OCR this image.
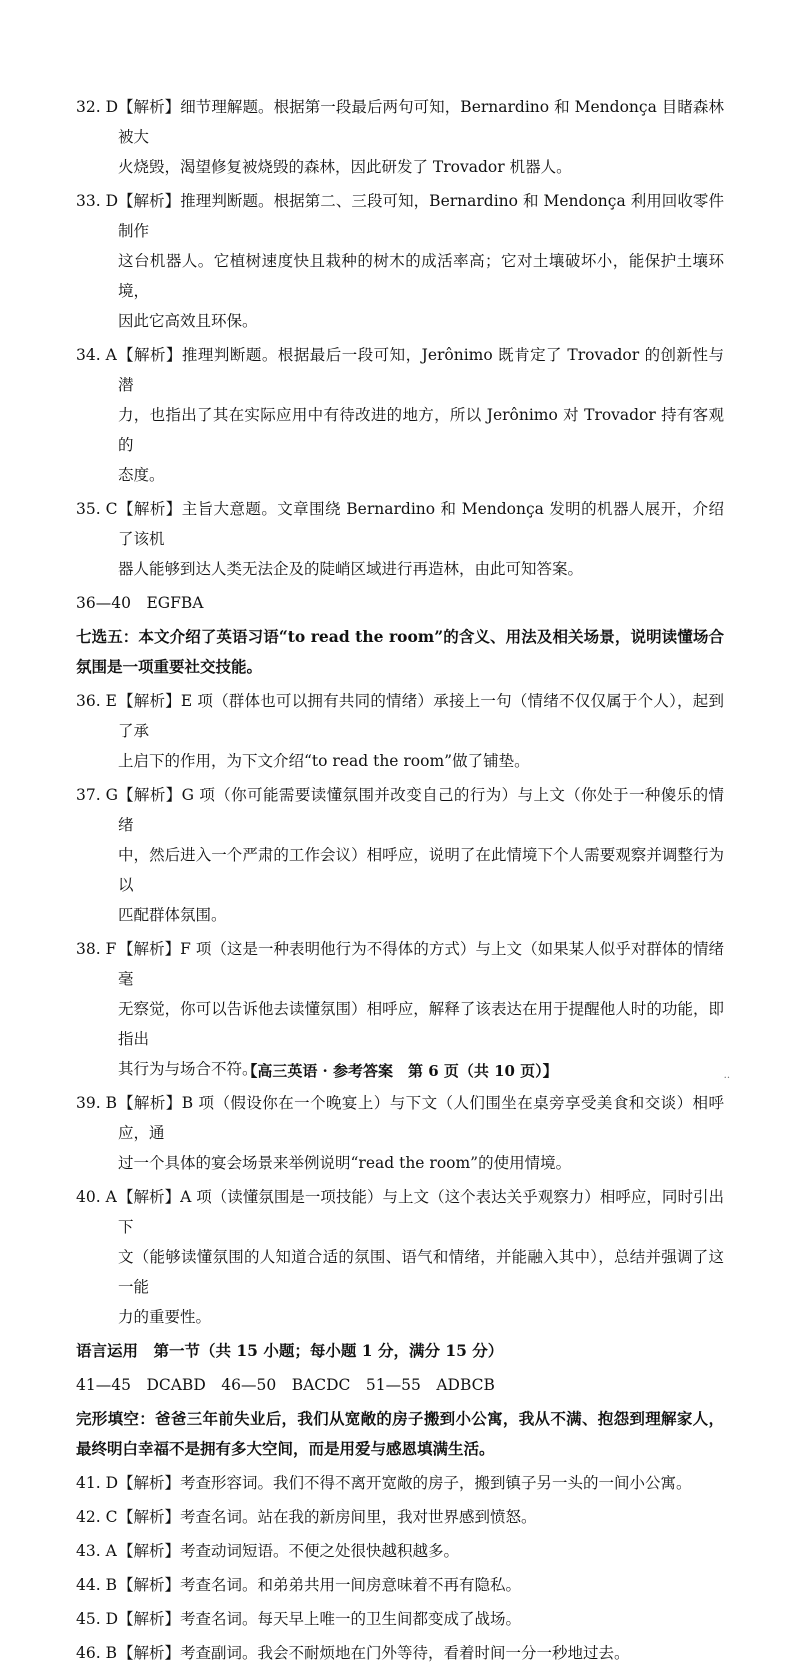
32. D 【解析】细节理解题。根据第一段最后两句可知，Bernardino 和 Mendonça 目睹森林被大
火烧毁，渴望修复被烧毁的森林，因此研发了 Trovador 机器人。
33. D 【解析】推理判断题。根据第二、三段可知，Bernardino 和 Mendonça 利用回收零件制作
这台机器人。它植树速度快且栽种的树木的成活率高；它对土壤破坏小，能保护土壤环境，
因此它高效且环保。
34. A 【解析】推理判断题。根据最后一段可知，Jerônimo 既肯定了 Trovador 的创新性与潜
力，也指出了其在实际应用中有待改进的地方，所以 Jerônimo 对 Trovador 持有客观的
态度。
35. C 【解析】主旨大意题。文章围绕 Bernardino 和 Mendonça 发明的机器人展开，介绍了该机
器人能够到达人类无法企及的陡峭区域进行再造林，由此可知答案。
36—40　EGFBA
七选五：本文介绍了英语习语“to read the room”的含义、用法及相关场景，说明读懂场合氛围是一项重要社交技能。
36. E 【解析】E 项（群体也可以拥有共同的情绪）承接上一句（情绪不仅仅属于个人），起到了承
上启下的作用，为下文介绍“to read the room”做了铺垫。
37. G 【解析】G 项（你可能需要读懂氛围并改变自己的行为）与上文（你处于一种傻乐的情绪
中，然后进入一个严肃的工作会议）相呼应，说明了在此情境下个人需要观察并调整行为以
匹配群体氛围。
38. F 【解析】F 项（这是一种表明他行为不得体的方式）与上文（如果某人似乎对群体的情绪毫
无察觉，你可以告诉他去读懂氛围）相呼应，解释了该表达在用于提醒他人时的功能，即指出
其行为与场合不符。
39. B 【解析】B 项（假设你在一个晚宴上）与下文（人们围坐在桌旁享受美食和交谈）相呼应，通
过一个具体的宴会场景来举例说明“read the room”的使用情境。
40. A 【解析】A 项（读懂氛围是一项技能）与上文（这个表达关乎观察力）相呼应，同时引出下
文（能够读懂氛围的人知道合适的氛围、语气和情绪，并能融入其中），总结并强调了这一能
力的重要性。
语言运用　第一节（共 15 小题；每小题 1 分，满分 15 分）
41—45　DCABD　46—50　BACDC　51—55　ADBCB
完形填空：爸爸三年前失业后，我们从宽敞的房子搬到小公寓，我从不满、抱怨到理解家人，最终明白幸福不是拥有多大空间，而是用爱与感恩填满生活。
41. D 【解析】考查形容词。我们不得不离开宽敞的房子，搬到镇子另一头的一间小公寓。
42. C 【解析】考查名词。站在我的新房间里，我对世界感到愤怒。
43. A 【解析】考查动词短语。不便之处很快越积越多。
44. B 【解析】考查名词。和弟弟共用一间房意味着不再有隐私。
45. D 【解析】考查名词。每天早上唯一的卫生间都变成了战场。
46. B 【解析】考查副词。我会不耐烦地在门外等待，看着时间一分一秒地过去。
【高三英语 · 参考答案　第 6 页（共 10 页）】	..
